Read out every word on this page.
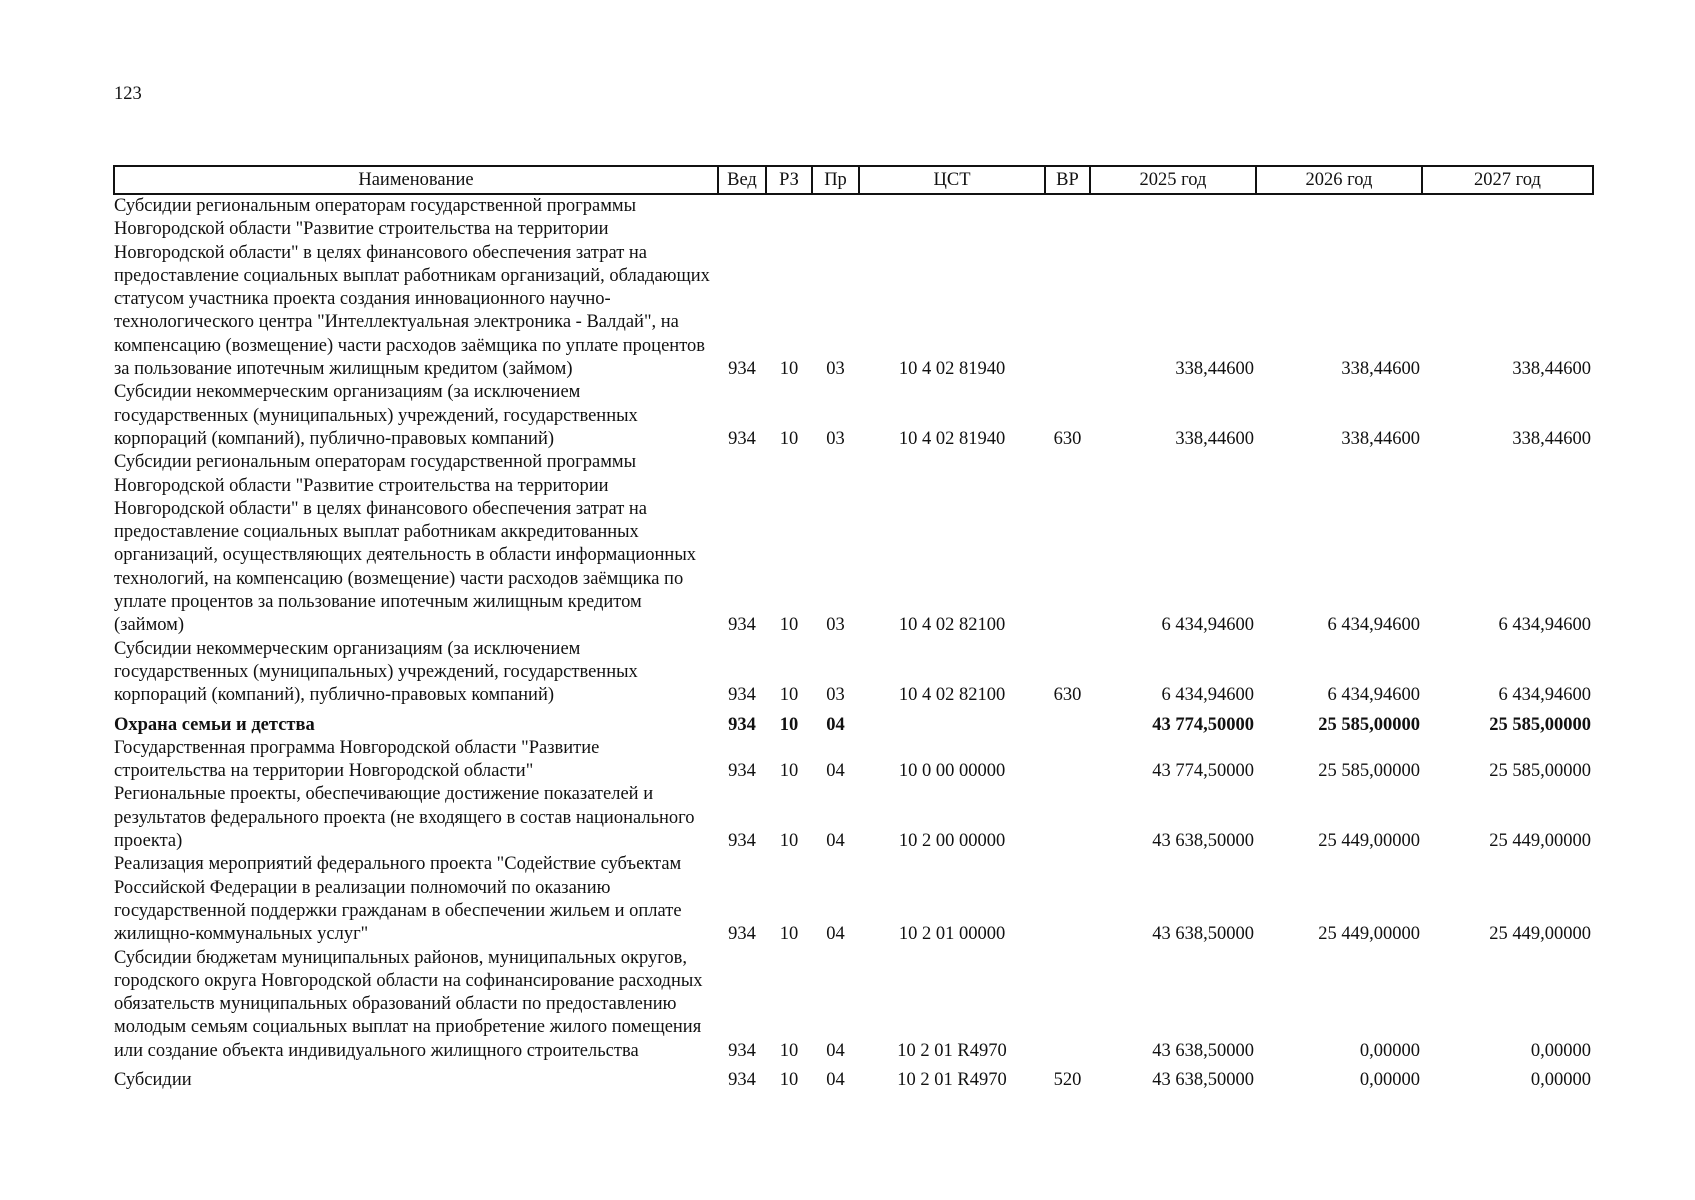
123
Наименование	Вед	РЗ	Пр	ЦСТ	ВР	2025 год	2026 год	2027 год
Субсидии региональным операторам государственной программы Новгородской области "Развитие строительства на территории Новгородской области" в целях финансового обеспечения затрат на предоставление социальных выплат работникам организаций, обладающих статусом участника проекта создания инновационного научно-технологического центра "Интеллектуальная электроника - Валдай", на компенсацию (возмещение) части расходов заёмщика по уплате процентов за пользование ипотечным жилищным кредитом (займом)	934	10	03	10 4 02 81940		338,44600	338,44600	338,44600
Субсидии некоммерческим организациям (за исключением государственных (муниципальных) учреждений, государственных корпораций (компаний), публично-правовых компаний)	934	10	03	10 4 02 81940	630	338,44600	338,44600	338,44600
Субсидии региональным операторам государственной программы Новгородской области "Развитие строительства на территории Новгородской области" в целях финансового обеспечения затрат на предоставление социальных выплат работникам аккредитованных организаций, осуществляющих деятельность в области информационных технологий, на компенсацию (возмещение) части расходов заёмщика по уплате процентов за пользование ипотечным жилищным кредитом (займом)	934	10	03	10 4 02 82100		6 434,94600	6 434,94600	6 434,94600
Субсидии некоммерческим организациям (за исключением государственных (муниципальных) учреждений, государственных корпораций (компаний), публично-правовых компаний)	934	10	03	10 4 02 82100	630	6 434,94600	6 434,94600	6 434,94600
Охрана семьи и детства	934	10	04			43 774,50000	25 585,00000	25 585,00000
Государственная программа Новгородской области "Развитие строительства на территории Новгородской области"	934	10	04	10 0 00 00000		43 774,50000	25 585,00000	25 585,00000
Региональные проекты, обеспечивающие достижение показателей и результатов федерального проекта (не входящего в состав национального проекта)	934	10	04	10 2 00 00000		43 638,50000	25 449,00000	25 449,00000
Реализация мероприятий федерального проекта "Содействие субъектам Российской Федерации в реализации полномочий по оказанию государственной поддержки гражданам в обеспечении жильем и оплате жилищно-коммунальных услуг"	934	10	04	10 2 01 00000		43 638,50000	25 449,00000	25 449,00000
Субсидии бюджетам муниципальных районов, муниципальных округов, городского округа Новгородской области на софинансирование расходных обязательств муниципальных образований области по предоставлению молодым семьям социальных выплат на приобретение жилого помещения или создание объекта индивидуального жилищного строительства	934	10	04	10 2 01 R4970		43 638,50000	0,00000	0,00000
Субсидии	934	10	04	10 2 01 R4970	520	43 638,50000	0,00000	0,00000
